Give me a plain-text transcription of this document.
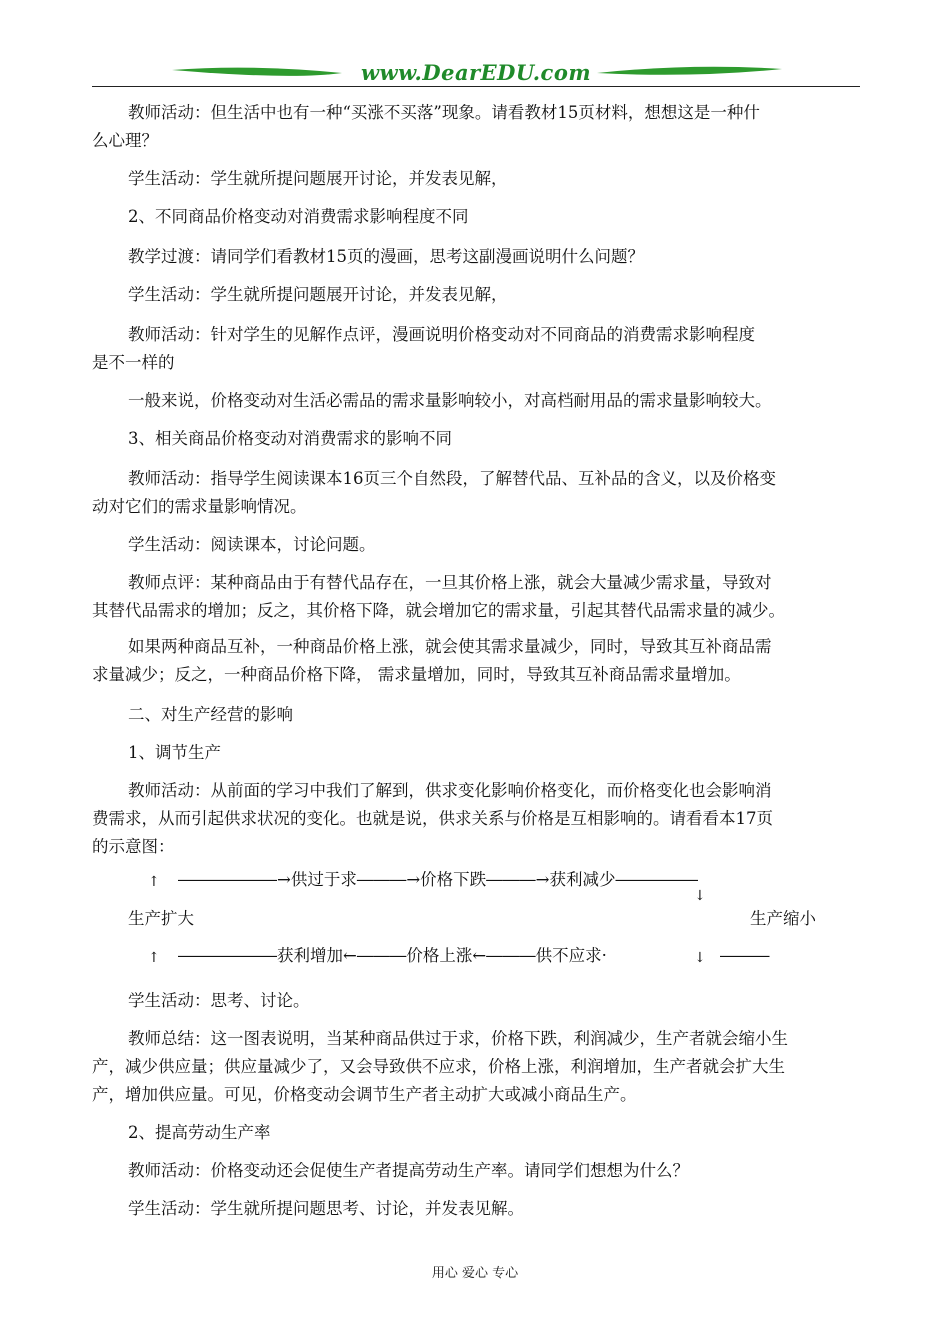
www.DearEDU.com
教师活动：但生活中也有一种“买涨不买落”现象。请看教材15页材料，想想这是一种什
么心理？
学生活动：学生就所提问题展开讨论，并发表见解，
2、不同商品价格变动对消费需求影响程度不同
教学过渡：请同学们看教材15页的漫画，思考这副漫画说明什么问题？
学生活动：学生就所提问题展开讨论，并发表见解，
教师活动：针对学生的见解作点评，漫画说明价格变动对不同商品的消费需求影响程度
是不一样的
一般来说，价格变动对生活必需品的需求量影响较小，对高档耐用品的需求量影响较大。
3、相关商品价格变动对消费需求的影响不同
教师活动：指导学生阅读课本16页三个自然段，了解替代品、互补品的含义，以及价格变
动对它们的需求量影响情况。
学生活动：阅读课本，讨论问题。
教师点评：某种商品由于有替代品存在，一旦其价格上涨，就会大量减少需求量，导致对
其替代品需求的增加；反之，其价格下降，就会增加它的需求量，引起其替代品需求量的减少。
如果两种商品互补，一种商品价格上涨，就会使其需求量减少，同时，导致其互补商品需
求量减少；反之，一种商品价格下降， 需求量增加，同时，导致其互补商品需求量增加。
二、对生产经营的影响
1、调节生产
教师活动：从前面的学习中我们了解到，供求变化影响价格变化，而价格变化也会影响消
费需求，从而引起供求状况的变化。也就是说，供求关系与价格是互相影响的。请看看本17页
的示意图：
↑ ――――――→供过于求―――→价格下跌―――→获利减少―――――
↓
生产扩大	生产缩小
↑ ――――――获利增加←―――价格上涨←―――供不应求·	↓ ―――
学生活动：思考、讨论。
教师总结：这一图表说明，当某种商品供过于求，价格下跌，利润减少，生产者就会缩小生
产，减少供应量；供应量减少了，又会导致供不应求，价格上涨，利润增加，生产者就会扩大生
产，增加供应量。可见，价格变动会调节生产者主动扩大或减小商品生产。
2、提高劳动生产率
教师活动：价格变动还会促使生产者提高劳动生产率。请同学们想想为什么？
学生活动：学生就所提问题思考、讨论，并发表见解。
用心 爱心 专心
